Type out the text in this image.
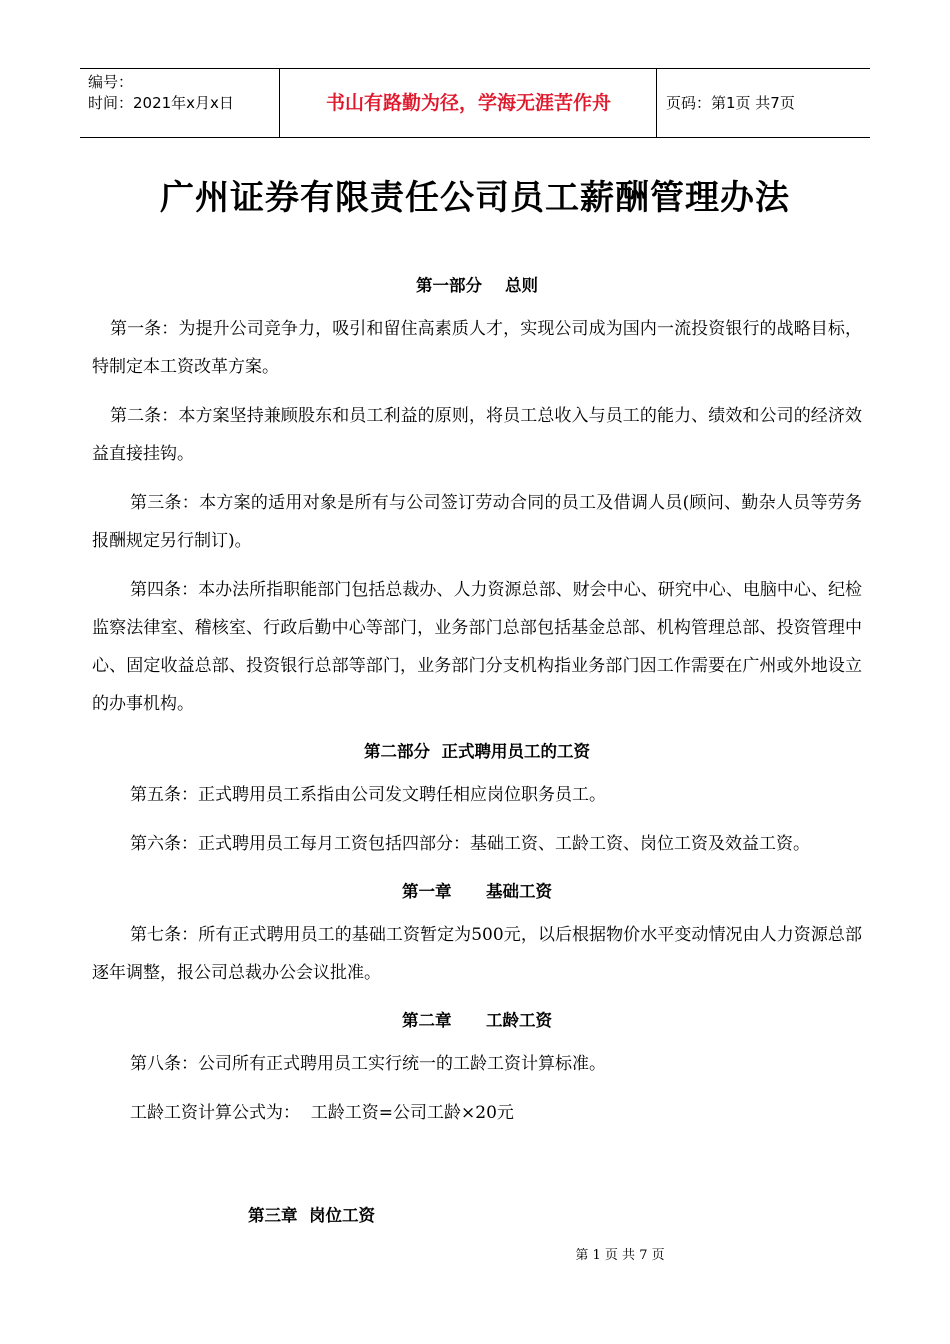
编号：
时间：2021年x月x日	书山有路勤为径，学海无涯苦作舟	页码：第1页 共7页
广州证券有限责任公司员工薪酬管理办法
第一部分    总则

第一条：为提升公司竞争力，吸引和留住高素质人才，实现公司成为国内一流投资银行的战略目标，特制定本工资改革方案。

第二条：本方案坚持兼顾股东和员工利益的原则，将员工总收入与员工的能力、绩效和公司的经济效益直接挂钩。

第三条：本方案的适用对象是所有与公司签订劳动合同的员工及借调人员(顾问、勤杂人员等劳务报酬规定另行制订)。

第四条：本办法所指职能部门包括总裁办、人力资源总部、财会中心、研究中心、电脑中心、纪检监察法律室、稽核室、行政后勤中心等部门，业务部门总部包括基金总部、机构管理总部、投资管理中心、固定收益总部、投资银行总部等部门，业务部门分支机构指业务部门因工作需要在广州或外地设立的办事机构。

第二部分  正式聘用员工的工资

第五条：正式聘用员工系指由公司发文聘任相应岗位职务员工。

第六条：正式聘用员工每月工资包括四部分：基础工资、工龄工资、岗位工资及效益工资。

第一章      基础工资

第七条：所有正式聘用员工的基础工资暂定为500元，以后根据物价水平变动情况由人力资源总部逐年调整，报公司总裁办公会议批准。

第二章      工龄工资

第八条：公司所有正式聘用员工实行统一的工龄工资计算标准。

工龄工资计算公式为：  工龄工资=公司工龄×20元

第三章  岗位工资
第 1 页 共 7 页
